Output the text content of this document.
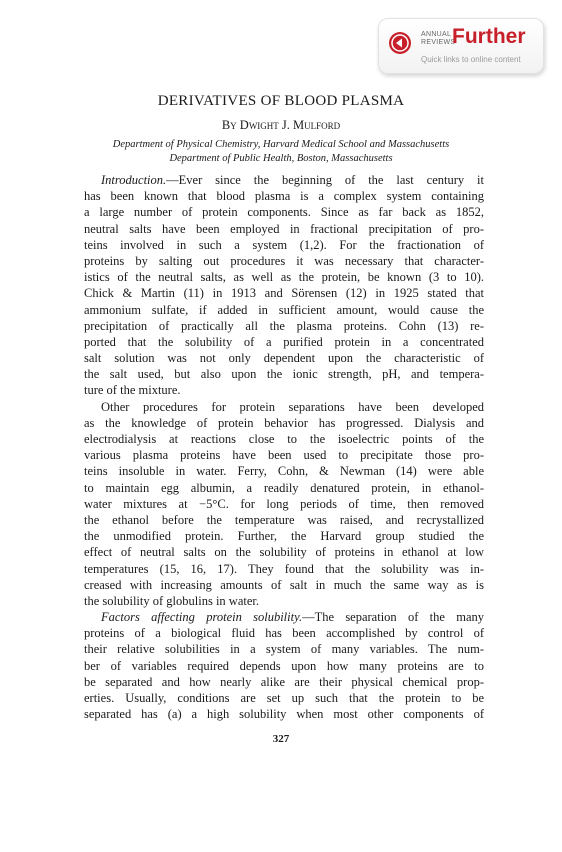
ANNUAL REVIEWS
Further
Quick links to online content
DERIVATIVES OF BLOOD PLASMA
By Dwight J. Mulford
Department of Physical Chemistry, Harvard Medical School and Massachusetts
Department of Public Health, Boston, Massachusetts
Introduction.—Ever since the beginning of the last century it
has been known that blood plasma is a complex system containing
a large number of protein components. Since as far back as 1852,
neutral salts have been employed in fractional precipitation of pro-
teins involved in such a system (1,2). For the fractionation of
proteins by salting out procedures it was necessary that character-
istics of the neutral salts, as well as the protein, be known (3 to 10).
Chick & Martin (11) in 1913 and Sörensen (12) in 1925 stated that
ammonium sulfate, if added in sufficient amount, would cause the
precipitation of practically all the plasma proteins. Cohn (13) re-
ported that the solubility of a purified protein in a concentrated
salt solution was not only dependent upon the characteristic of
the salt used, but also upon the ionic strength, pH, and tempera-
ture of the mixture.
Other procedures for protein separations have been developed
as the knowledge of protein behavior has progressed. Dialysis and
electrodialysis at reactions close to the isoelectric points of the
various plasma proteins have been used to precipitate those pro-
teins insoluble in water. Ferry, Cohn, & Newman (14) were able
to maintain egg albumin, a readily denatured protein, in ethanol-
water mixtures at −5°C. for long periods of time, then removed
the ethanol before the temperature was raised, and recrystallized
the unmodified protein. Further, the Harvard group studied the
effect of neutral salts on the solubility of proteins in ethanol at low
temperatures (15, 16, 17). They found that the solubility was in-
creased with increasing amounts of salt in much the same way as is
the solubility of globulins in water.
Factors affecting protein solubility.—The separation of the many
proteins of a biological fluid has been accomplished by control of
their relative solubilities in a system of many variables. The num-
ber of variables required depends upon how many proteins are to
be separated and how nearly alike are their physical chemical prop-
erties. Usually, conditions are set up such that the protein to be
separated has (a) a high solubility when most other components of
327
